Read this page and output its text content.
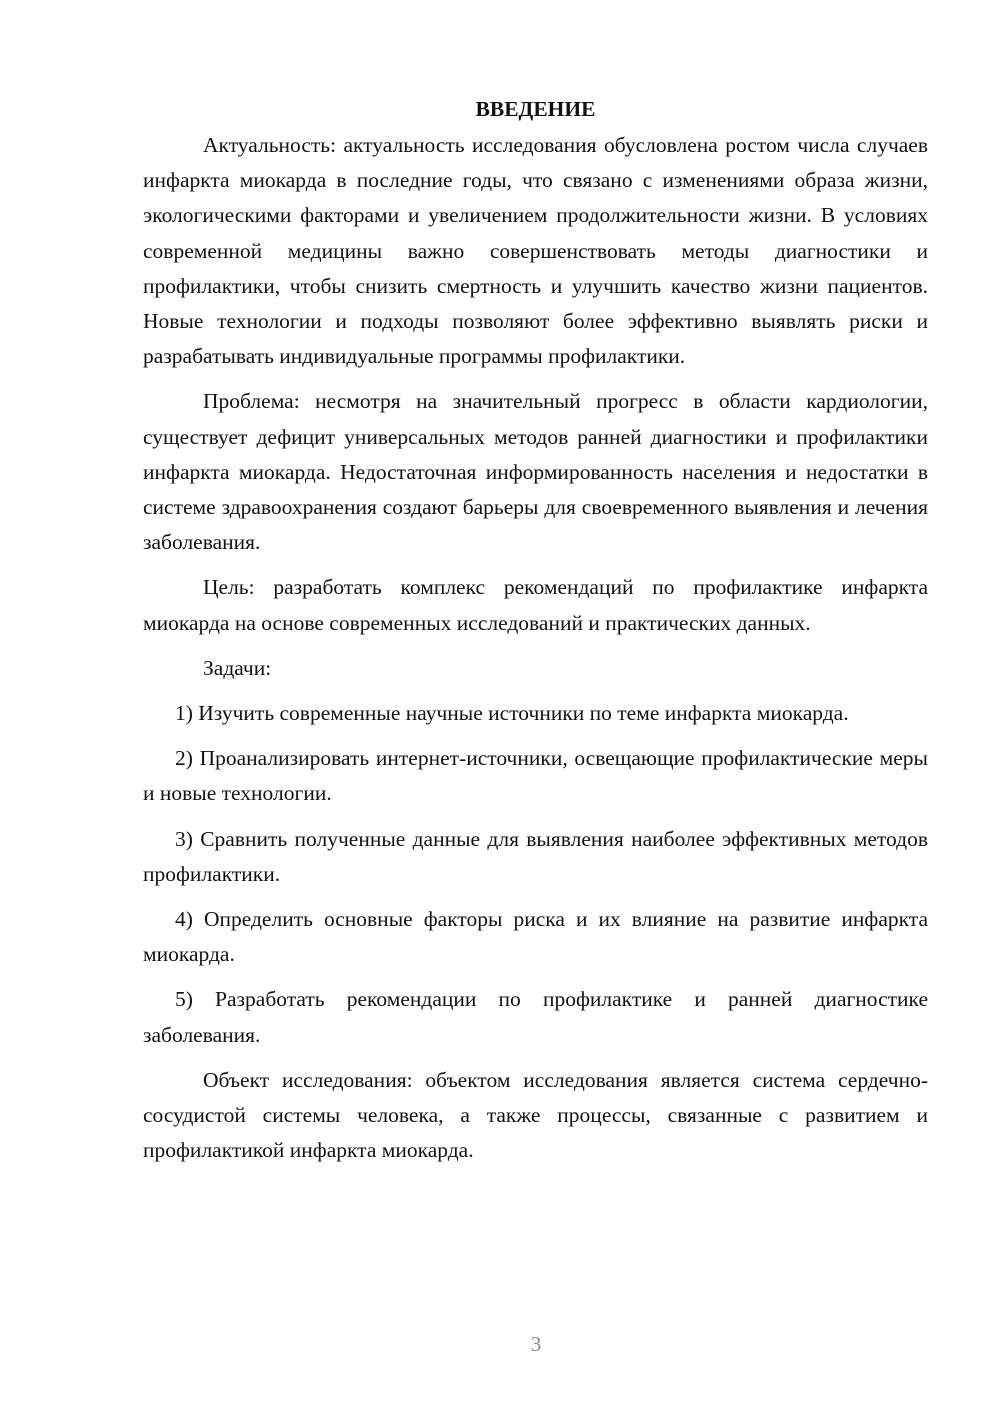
ВВЕДЕНИЕ

Актуальность: актуальность исследования обусловлена ростом числа случаев инфаркта миокарда в последние годы, что связано с изменениями образа жизни, экологическими факторами и увеличением продолжительности жизни. В условиях современной медицины важно совершенствовать методы диагностики и профилактики, чтобы снизить смертность и улучшить качество жизни пациентов. Новые технологии и подходы позволяют более эффективно выявлять риски и разрабатывать индивидуальные программы профилактики.

Проблема: несмотря на значительный прогресс в области кардиологии, существует дефицит универсальных методов ранней диагностики и профилактики инфаркта миокарда. Недостаточная информированность населения и недостатки в системе здравоохранения создают барьеры для своевременного выявления и лечения заболевания.

Цель: разработать комплекс рекомендаций по профилактике инфаркта миокарда на основе современных исследований и практических данных.

Задачи:

1) Изучить современные научные источники по теме инфаркта миокарда.

2) Проанализировать интернет-источники, освещающие профилактические меры и новые технологии.

3) Сравнить полученные данные для выявления наиболее эффективных методов профилактики.

4) Определить основные факторы риска и их влияние на развитие инфаркта миокарда.

5) Разработать рекомендации по профилактике и ранней диагностике заболевания.

Объект исследования: объектом исследования является система сердечно-сосудистой системы человека, а также процессы, связанные с развитием и профилактикой инфаркта миокарда.

3
